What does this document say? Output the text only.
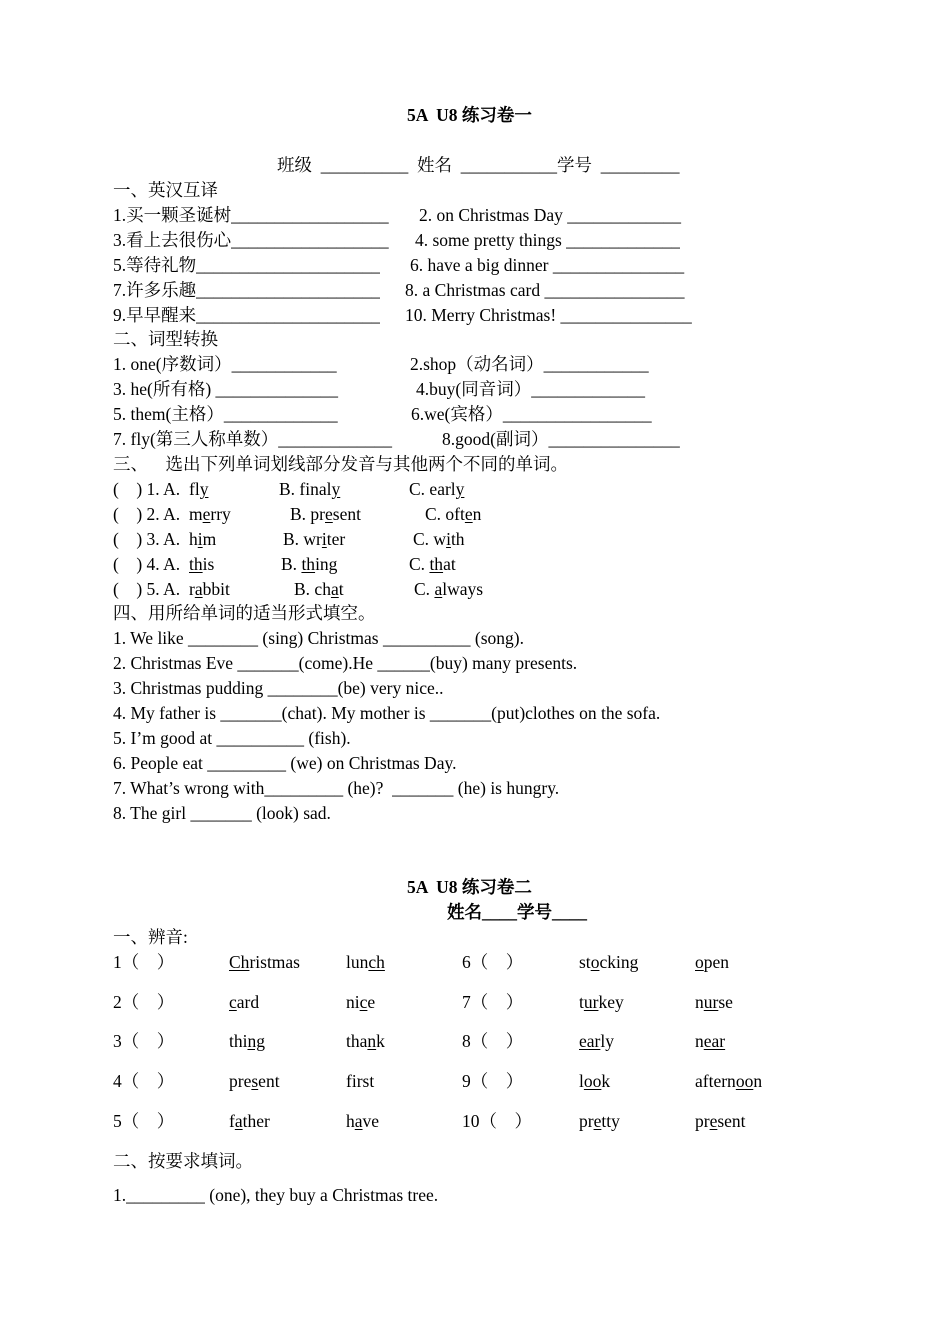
5A  U8 练习卷一
班级  __________  姓名  ___________学号  _________
一、英汉互译
1.买一颗圣诞树__________________ 2. on Christmas Day _____________
3.看上去很伤心__________________ 4. some pretty things _____________
5.等待礼物_____________________ 6. have a big dinner _______________
7.许多乐趣_____________________ 8. a Christmas card ________________
9.早早醒来_____________________ 10. Merry Christmas! _______________
二、词型转换
1. one(序数词）____________	2.shop（动名词）____________
3. he(所有格) ______________	4.buy(同音词）_____________
5. them(主格）_____________	6.we(宾格）_________________
7. fly(第三人称单数）_____________	8.good(副词）_______________
三、    选出下列单词划线部分发音与其他两个不同的单词。
(    ) 1. A. fly	B. finaly	C. early
(    ) 2. A. merry	B. present	C. often
(    ) 3. A. him	B. writer	C. with
(    ) 4. A. this	B. thing	C. that
(    ) 5. A. rabbit	B. chat	C. always
四、用所给单词的适当形式填空。
1. We like ________ (sing) Christmas __________ (song).
2. Christmas Eve _______(come).He ______(buy) many presents.
3. Christmas pudding ________(be) very nice..
4. My father is _______(chat). My mother is _______(put)clothes on the sofa.
5. I’m good at __________ (fish).
6. People eat _________ (we) on Christmas Day.
7. What’s wrong with_________ (he)?  _______ (he) is hungry.
8. The girl _______ (look) sad.
5A  U8 练习卷二
姓名____学号____
一、辨音:
1（    ）	Christmas	lunch	6（    ）	stocking	open
2（    ）	card	nice	7（    ）	turkey	nurse
3（    ）	thing	thank	8（    ）	early	near
4（    ）	present	first	9（    ）	look	afternoon
5（    ）	father	have	10（    ）	pretty	present
二、按要求填词。
1._________ (one), they buy a Christmas tree.
